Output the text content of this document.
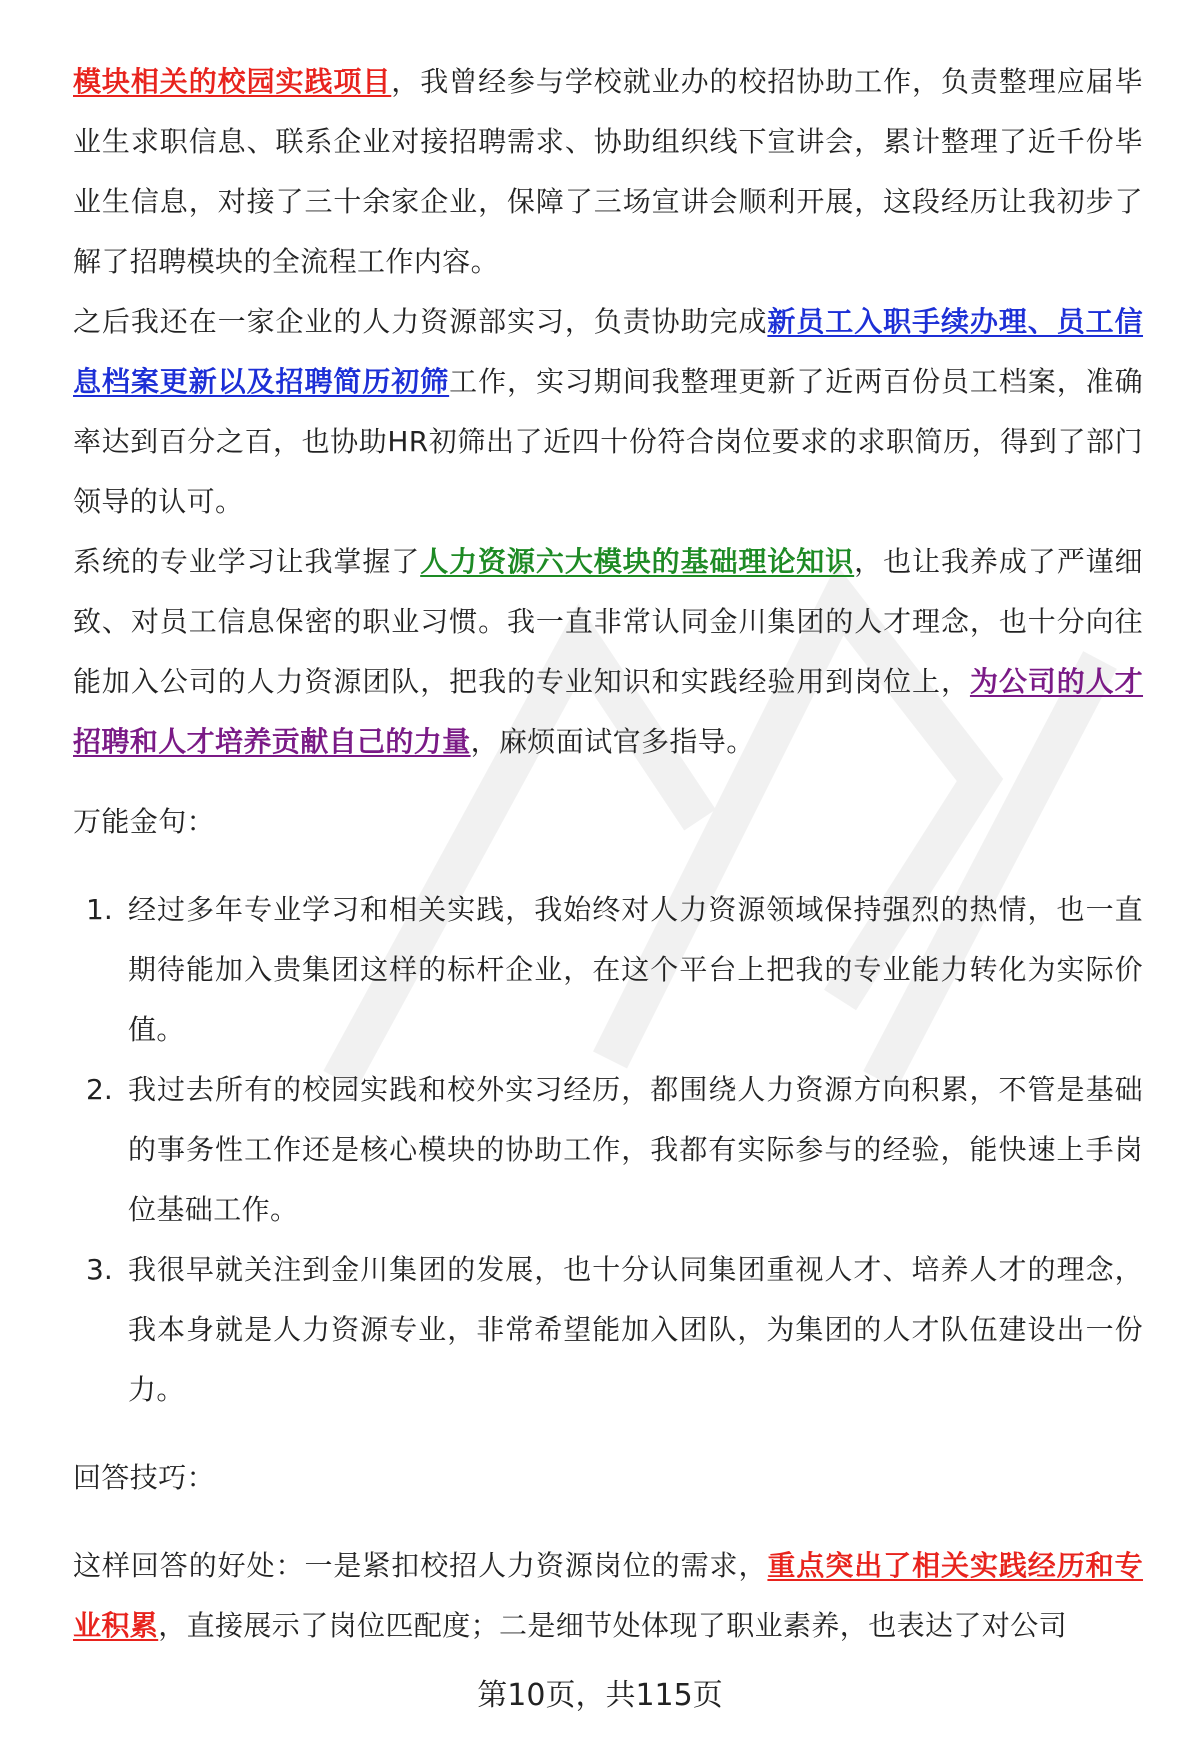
模块相关的校园实践项目，我曾经参与学校就业办的校招协助工作，负责整理应届毕业生求职信息、联系企业对接招聘需求、协助组织线下宣讲会，累计整理了近千份毕业生信息，对接了三十余家企业，保障了三场宣讲会顺利开展，这段经历让我初步了解了招聘模块的全流程工作内容。

之后我还在一家企业的人力资源部实习，负责协助完成新员工入职手续办理、员工信息档案更新以及招聘简历初筛工作，实习期间我整理更新了近两百份员工档案，准确率达到百分之百，也协助HR初筛出了近四十份符合岗位要求的求职简历，得到了部门领导的认可。

系统的专业学习让我掌握了人力资源六大模块的基础理论知识，也让我养成了严谨细致、对员工信息保密的职业习惯。我一直非常认同金川集团的人才理念，也十分向往能加入公司的人力资源团队，把我的专业知识和实践经验用到岗位上，为公司的人才招聘和人才培养贡献自己的力量，麻烦面试官多指导。

万能金句：

1. 经过多年专业学习和相关实践，我始终对人力资源领域保持强烈的热情，也一直期待能加入贵集团这样的标杆企业，在这个平台上把我的专业能力转化为实际价值。

2. 我过去所有的校园实践和校外实习经历，都围绕人力资源方向积累，不管是基础的事务性工作还是核心模块的协助工作，我都有实际参与的经验，能快速上手岗位基础工作。

3. 我很早就关注到金川集团的发展，也十分认同集团重视人才、培养人才的理念，我本身就是人力资源专业，非常希望能加入团队，为集团的人才队伍建设出一份力。

回答技巧：

这样回答的好处：一是紧扣校招人力资源岗位的需求，重点突出了相关实践经历和专业积累，直接展示了岗位匹配度；二是细节处体现了职业素养，也表达了对公司

第10页，共115页
